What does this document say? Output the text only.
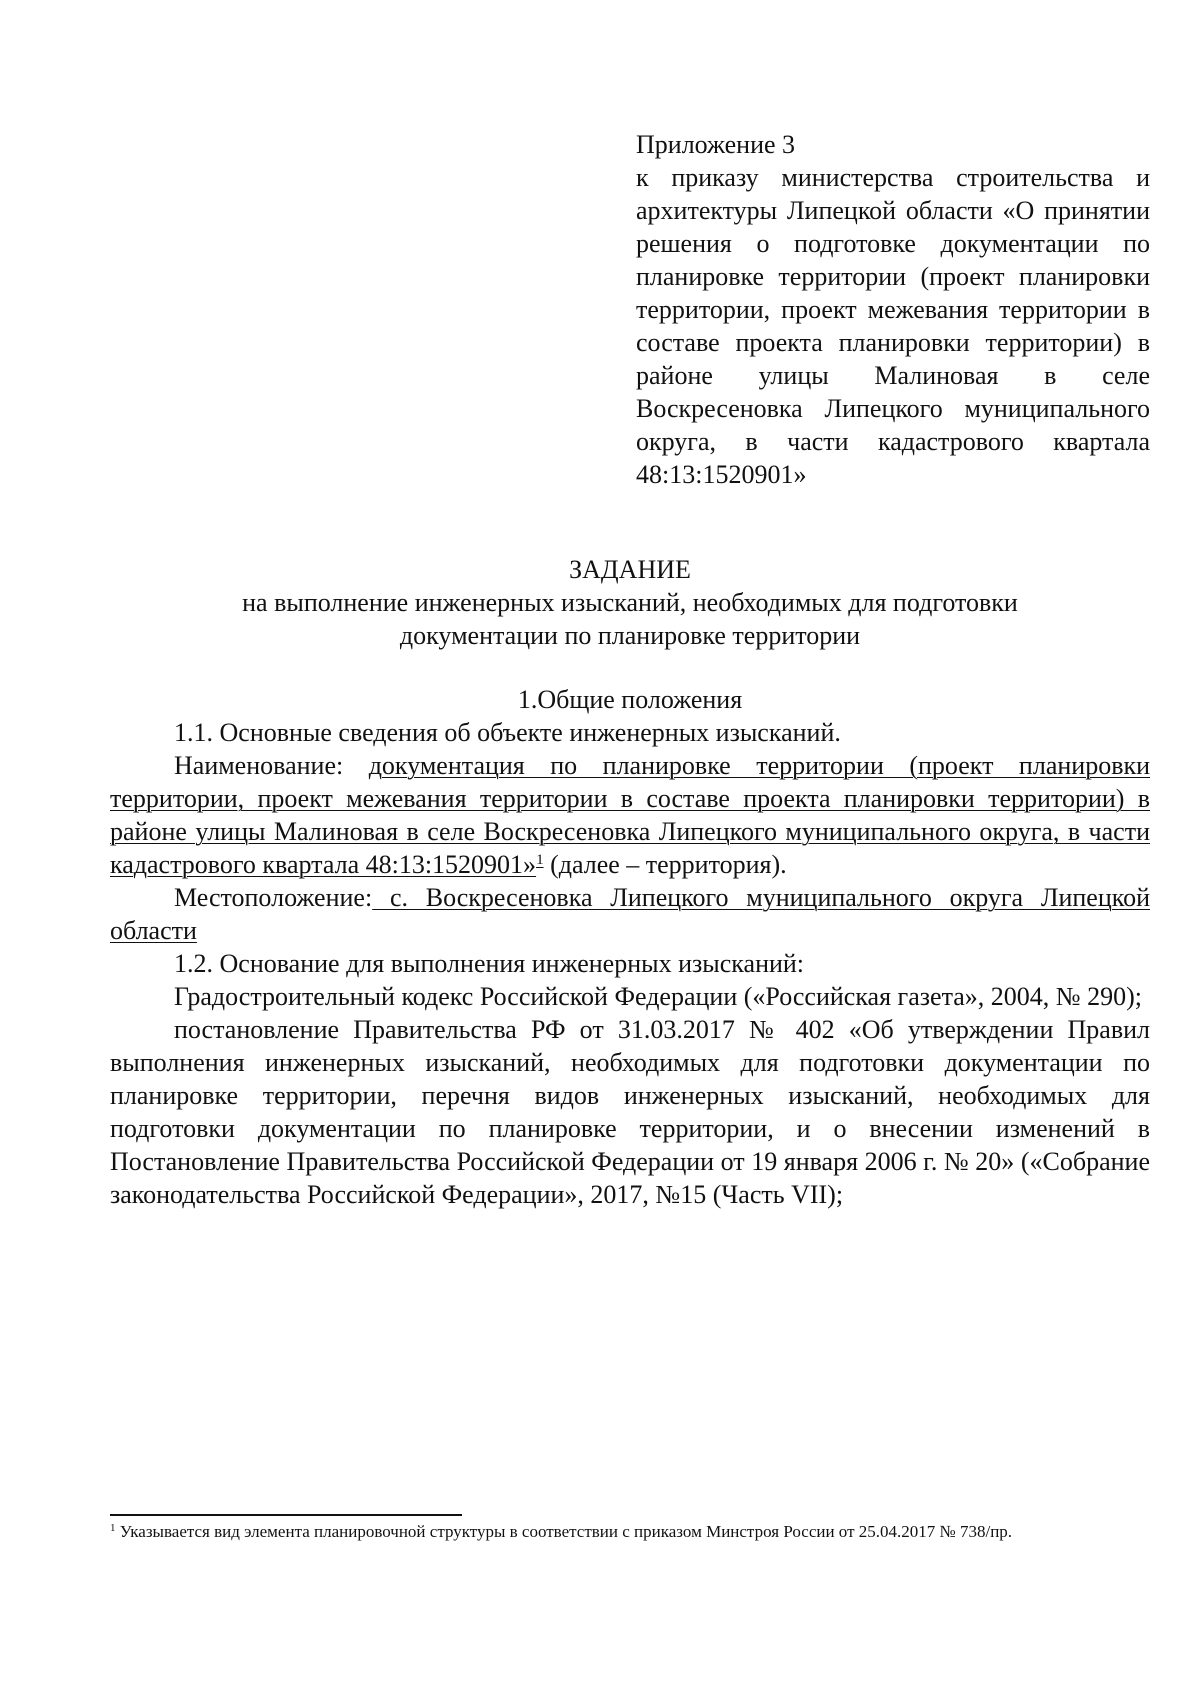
Приложение 3
к приказу министерства строительства и архитектуры Липецкой области «О принятии решения о подготовке документации по планировке территории (проект планировки территории, проект межевания территории в составе проекта планировки территории) в районе улицы Малиновая в селе Воскресеновка Липецкого муниципального округа, в части кадастрового квартала 48:13:1520901»
ЗАДАНИЕ
на выполнение инженерных изысканий, необходимых для подготовки
документации по планировке территории
1.Общие положения

1.1. Основные сведения об объекте инженерных изысканий.

Наименование: документация по планировке территории (проект планировки территории, проект межевания территории в составе проекта планировки территории) в районе улицы Малиновая в селе Воскресеновка Липецкого муниципального округа, в части кадастрового квартала 48:13:1520901»$^1$ (далее – территория).

Местоположение: с. Воскресеновка Липецкого муниципального округа Липецкой области

1.2. Основание для выполнения инженерных изысканий:

Градостроительный кодекс Российской Федерации («Российская газета», 2004, № 290);

постановление Правительства РФ от 31.03.2017 № 402 «Об утверждении Правил выполнения инженерных изысканий, необходимых для подготовки документации по планировке территории, перечня видов инженерных изысканий, необходимых для подготовки документации по планировке территории, и о внесении изменений в Постановление Правительства Российской Федерации от 19 января 2006 г. № 20» («Собрание законодательства Российской Федерации», 2017, №15 (Часть VII);

$^1$ Указывается вид элемента планировочной структуры в соответствии с приказом Минстроя России от 25.04.2017 № 738/пр.
